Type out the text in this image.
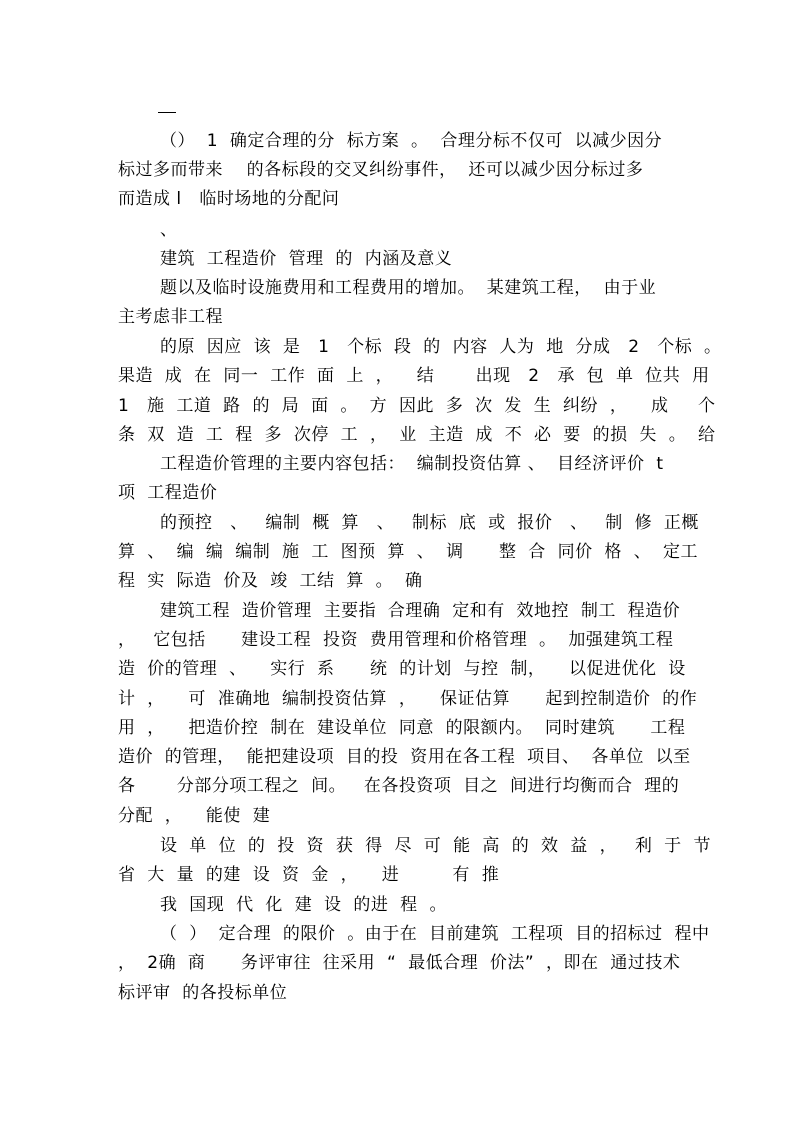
（）  1  确定合理的分  标方案  。  合理分标不仅可  以减少因分
标过多而带来    的各标段的交叉纠纷事件，  还可以减少因分标过多
而造成 l   临时场地的分配问
、
建筑  工程造价  管理  的  内涵及意义
题以及临时设施费用和工程费用的增加。  某建筑工程，  由于业
主考虑非工程
的原  因应  该  是   1   个标  段  的  内容  人为  地  分成   2   个标  。
果造  成  在  同一  工作  面  上  ，    结       出现   2   承  包  单  位共  用
1   施  工道  路  的  局  面  。  方  因此  多  次  发  生  纠纷  ，    成     个
条  双  造  工  程  多  次停  工  ，  业  主造  成  不  必  要  的损  失  。  给
工程造价管理的主要内容包括：  编制投资估算 、  目经济评价  t
项  工程造价
的预控   、   编制  概  算   、   制标  底  或  报价   、   制  修  正概
算  、  编  编  编制  施  工  图预  算  、  调      整  合  同价  格  、  定工
程  实  际造  价及  竣  工结  算  。  确
建筑工程  造价管理  主要指  合理确  定和有  效地控  制工  程造价
，   它包括      建设工程  投资  费用管理和价格管理  。  加强建筑工程
造  价的管理  、    实行  系      统  的计划  与控  制，    以促进优化  设
计  ，    可  准确地  编制投资估算  ，    保证估算      起到控制造价  的作
用  ，    把造价控  制在  建设单位  同意  的限额内。  同时建筑      工程
造价  的管理，  能把建设项  目的投  资用在各工程  项目、  各单位  以至
各       分部分项工程之  间。   在各投资项  目之  间进行均衡而合  理的
分配  ，    能使  建
设  单  位  的  投  资  获  得  尽  可  能  高  的  效  益  ，   利  于  节
省  大  量  的建  设  资  金  ，    进         有  推
我  国现  代  化  建  设  的进  程  。
（  ）  定合理  的限价  。由于在  目前建筑  工程项  目的招标过  程中
，  2确  商      务评审往  往采用  “  最低合理  价法”  ，即在  通过技术
标评审  的各投标单位
